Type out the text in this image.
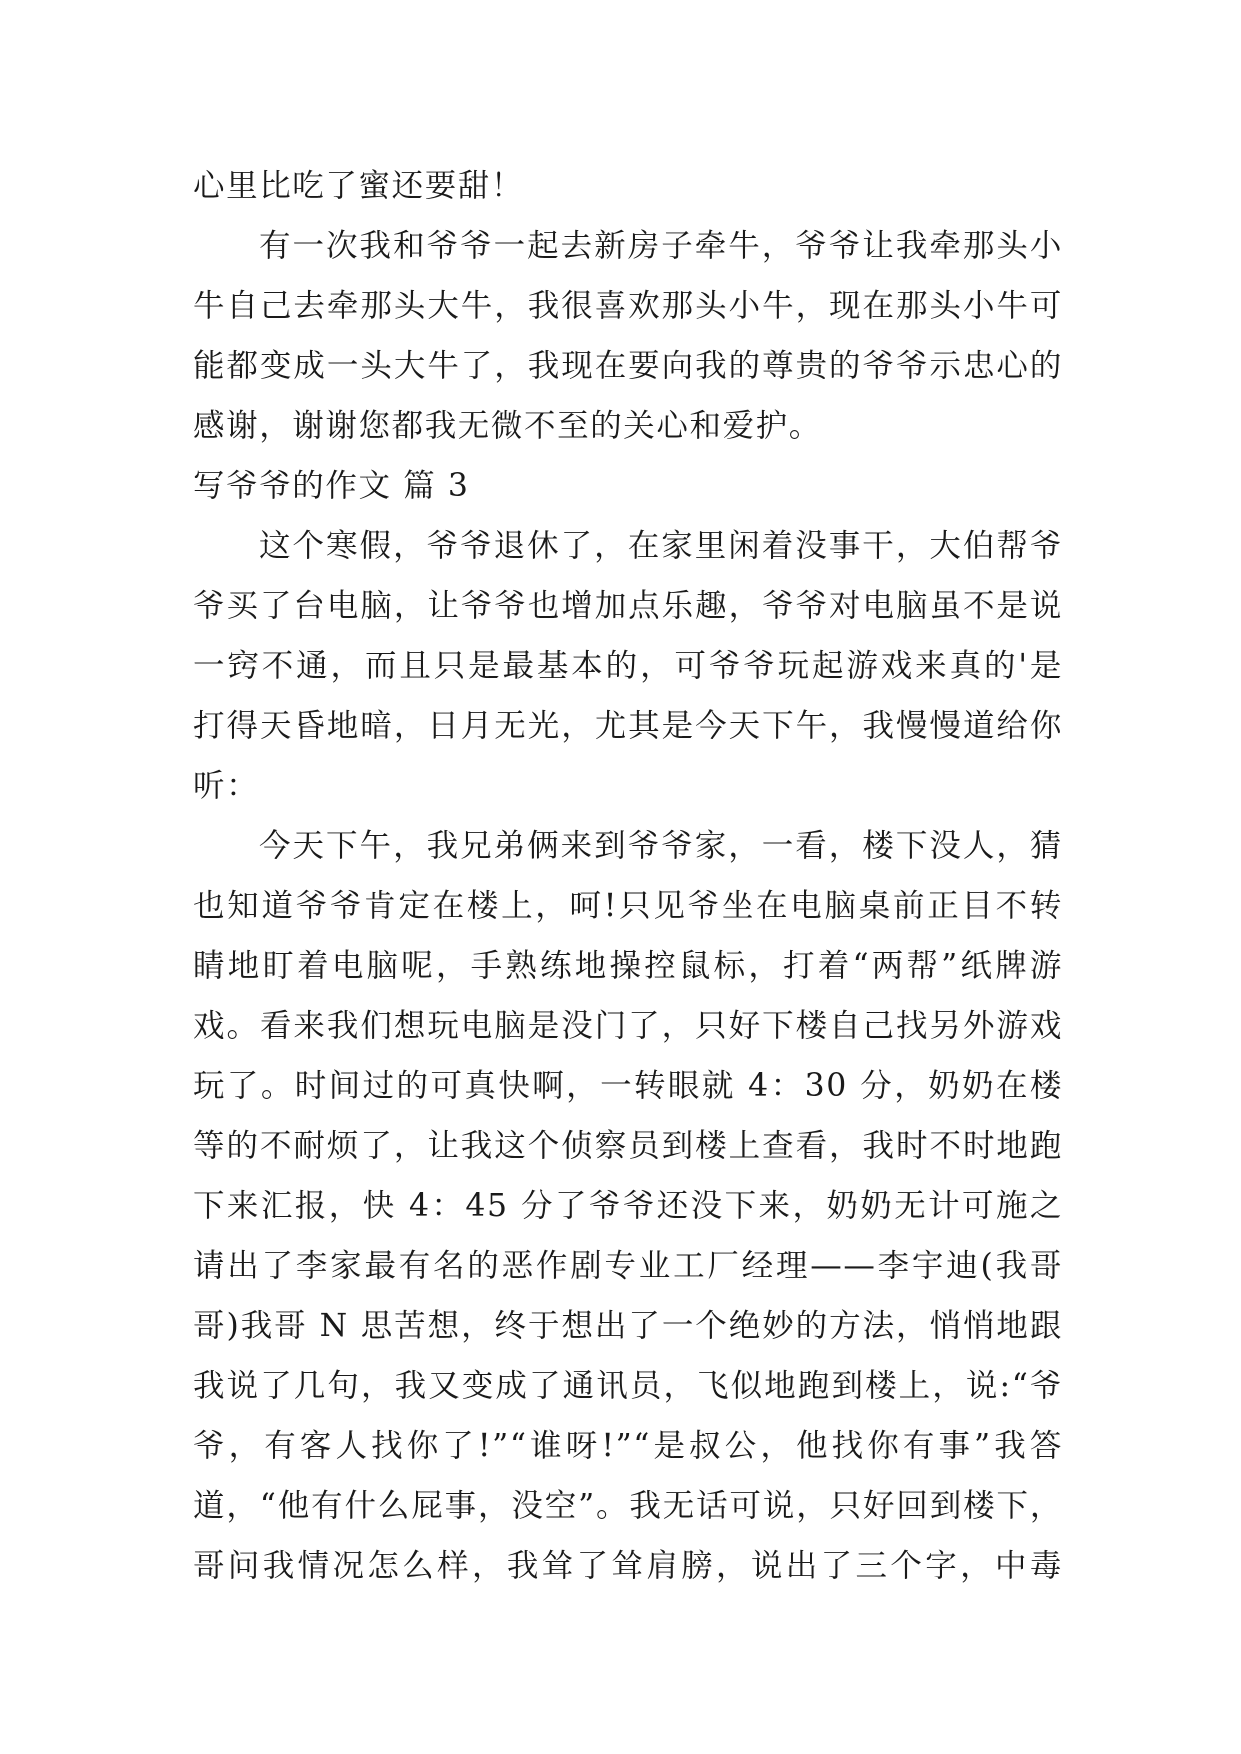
心里比吃了蜜还要甜！
有一次我和爷爷一起去新房子牵牛，爷爷让我牵那头小
牛自己去牵那头大牛，我很喜欢那头小牛，现在那头小牛可
能都变成一头大牛了，我现在要向我的尊贵的爷爷示忠心的
感谢，谢谢您都我无微不至的关心和爱护。
写爷爷的作文 篇 3
这个寒假，爷爷退休了，在家里闲着没事干，大伯帮爷
爷买了台电脑，让爷爷也增加点乐趣，爷爷对电脑虽不是说
一窍不通，而且只是最基本的，可爷爷玩起游戏来真的'是
打得天昏地暗，日月无光，尤其是今天下午，我慢慢道给你
听：
今天下午，我兄弟俩来到爷爷家，一看，楼下没人，猜
也知道爷爷肯定在楼上，呵!只见爷坐在电脑桌前正目不转
睛地盯着电脑呢，手熟练地操控鼠标，打着“两帮”纸牌游
戏。看来我们想玩电脑是没门了，只好下楼自己找另外游戏
玩了。时间过的可真快啊，一转眼就 4：30 分，奶奶在楼
等的不耐烦了，让我这个侦察员到楼上查看，我时不时地跑
下来汇报，快 4：45 分了爷爷还没下来，奶奶无计可施之
请出了李家最有名的恶作剧专业工厂经理——李宇迪(我哥
哥)我哥 N 思苦想，终于想出了一个绝妙的方法，悄悄地跟
我说了几句，我又变成了通讯员，飞似地跑到楼上，说:“爷
爷，有客人找你了!”“谁呀!”“是叔公，他找你有事”我答
道，“他有什么屁事，没空”。我无话可说，只好回到楼下，
哥问我情况怎么样，我耸了耸肩膀，说出了三个字，中毒
